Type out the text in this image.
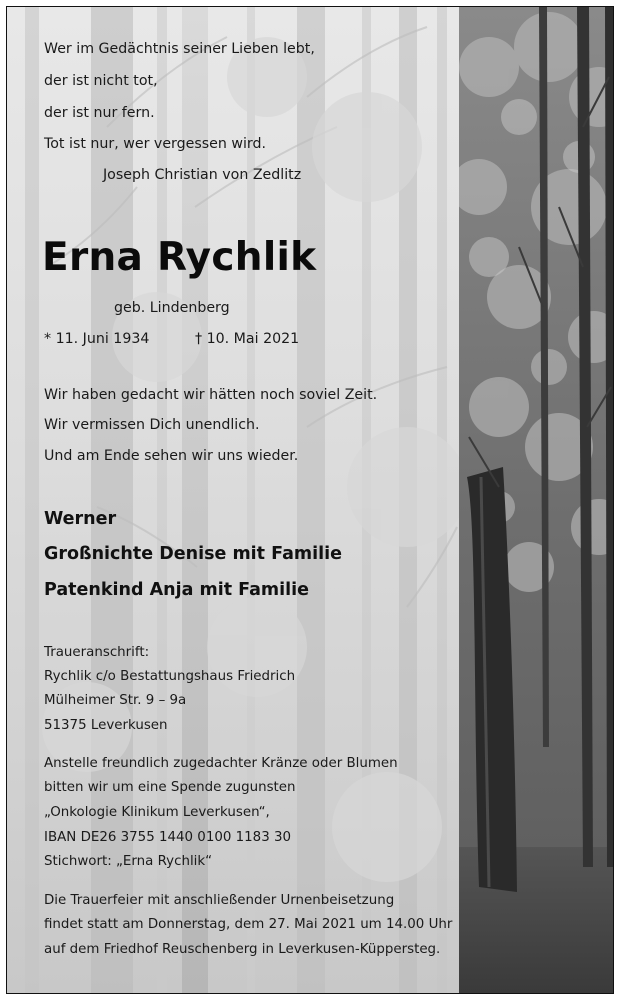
Wer im Gedächtnis seiner Lieben lebt,
der ist nicht tot,
der ist nur fern.
Tot ist nur, wer vergessen wird.
Joseph Christian von Zedlitz
Erna Rychlik
geb. Lindenberg
* 11. Juni 1934	† 10. Mai 2021
Wir haben gedacht wir hätten noch soviel Zeit.
Wir vermissen Dich unendlich.
Und am Ende sehen wir uns wieder.
Werner
Großnichte Denise mit Familie
Patenkind Anja mit Familie
Traueranschrift:
Rychlik c/o Bestattungshaus Friedrich
Mülheimer Str. 9 – 9a
51375 Leverkusen
Anstelle freundlich zugedachter Kränze oder Blumen
bitten wir um eine Spende zugunsten
„Onkologie Klinikum Leverkusen“,
IBAN DE26 3755 1440 0100 1183 30
Stichwort: „Erna Rychlik“
Die Trauerfeier mit anschließender Urnenbeisetzung
findet statt am Donnerstag, dem 27. Mai 2021 um 14.00 Uhr
auf dem Friedhof Reuschenberg in Leverkusen-Küppersteg.
